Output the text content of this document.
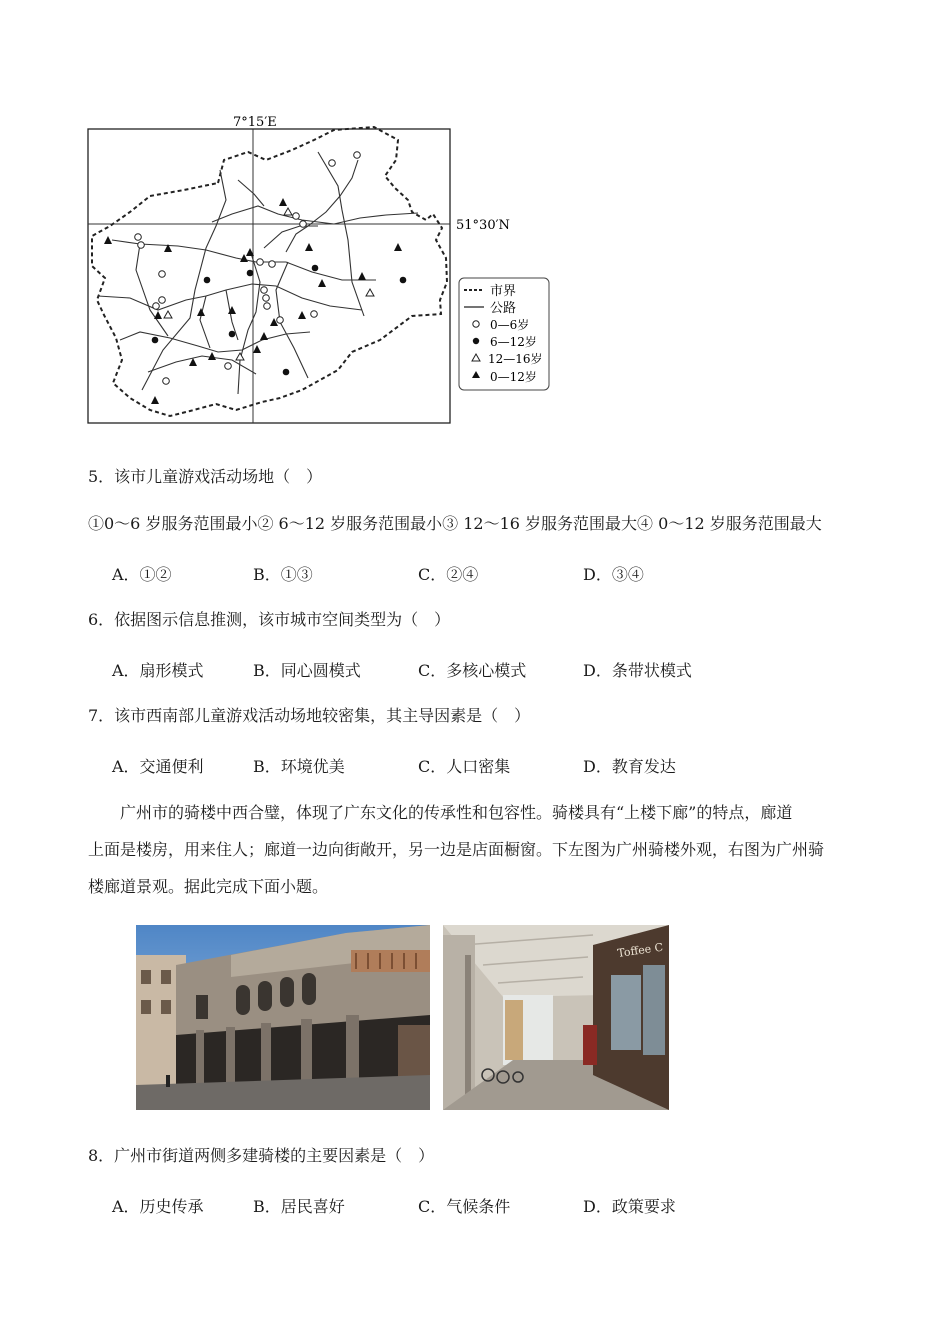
7°15′E
51°30′N
市界
公路
0—6岁
6—12岁
12—16岁
0—12岁
5．该市儿童游戏活动场地（　）
①0～6 岁服务范围最小② 6～12 岁服务范围最小③ 12～16 岁服务范围最大④ 0～12 岁服务范围最大
A．①②	B．①③	C．②④	D．③④
6．依据图示信息推测，该市城市空间类型为（　）
A．扇形模式	B．同心圆模式	C．多核心模式	D．条带状模式
7．该市西南部儿童游戏活动场地较密集，其主导因素是（　）
A．交通便利	B．环境优美	C．人口密集	D．教育发达
广州市的骑楼中西合璧，体现了广东文化的传承性和包容性。骑楼具有“上楼下廊”的特点，廊道
上面是楼房，用来住人；廊道一边向街敞开，另一边是店面橱窗。下左图为广州骑楼外观，右图为广州骑
楼廊道景观。据此完成下面小题。
Toffee C
8．广州市街道两侧多建骑楼的主要因素是（　）
A．历史传承	B．居民喜好	C．气候条件	D．政策要求
